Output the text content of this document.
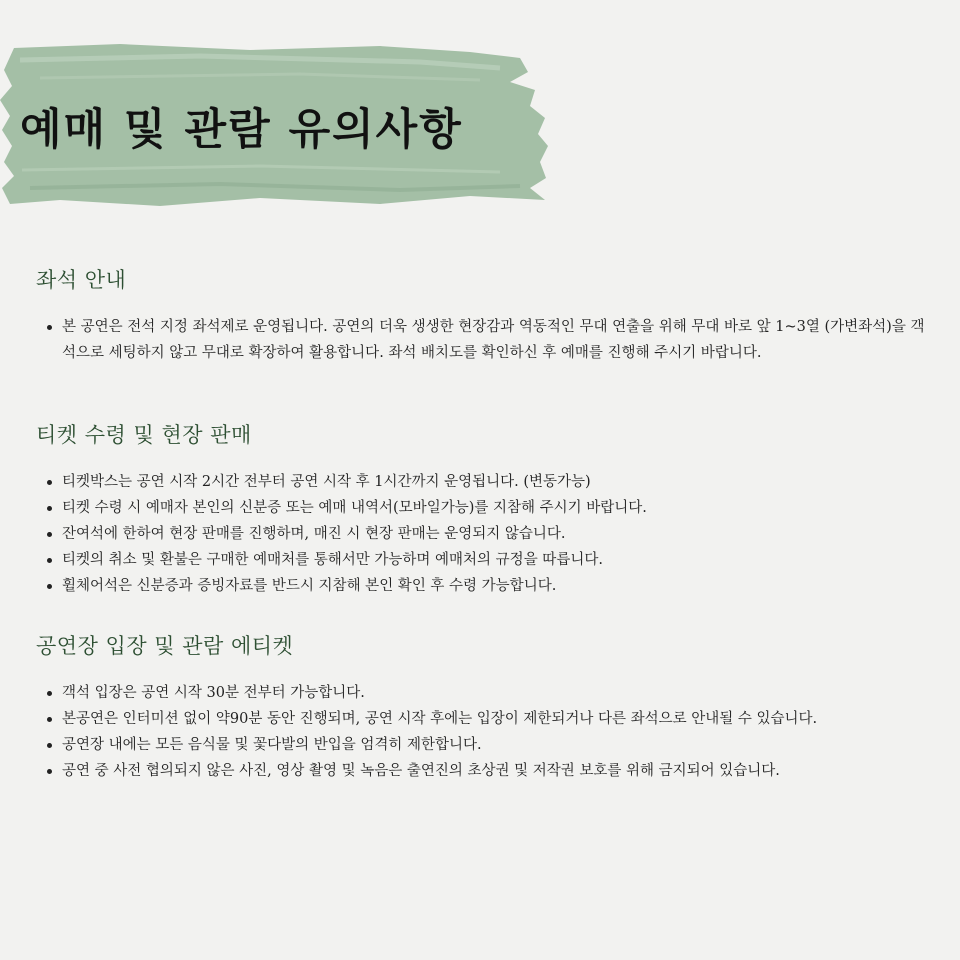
예매 및 관람 유의사항
좌석 안내
본 공연은 전석 지정 좌석제로 운영됩니다. 공연의 더욱 생생한 현장감과 역동적인 무대 연출을 위해 무대 바로 앞 1~3열 (가변좌석)을 객석으로 세팅하지 않고 무대로 확장하여 활용합니다. 좌석 배치도를 확인하신 후 예매를 진행해 주시기 바랍니다.
티켓 수령 및 현장 판매
티켓박스는 공연 시작 2시간 전부터 공연 시작 후 1시간까지 운영됩니다. (변동가능)
티켓 수령 시 예매자 본인의 신분증 또는 예매 내역서(모바일가능)를 지참해 주시기 바랍니다.
잔여석에 한하여 현장 판매를 진행하며, 매진 시 현장 판매는 운영되지 않습니다.
티켓의 취소 및 환불은 구매한 예매처를 통해서만 가능하며 예매처의 규정을 따릅니다.
휠체어석은 신분증과 증빙자료를 반드시 지참해 본인 확인 후 수령 가능합니다.
공연장 입장 및 관람 에티켓
객석 입장은 공연 시작 30분 전부터 가능합니다.
본공연은 인터미션 없이 약90분 동안 진행되며, 공연 시작 후에는 입장이 제한되거나 다른 좌석으로 안내될 수 있습니다.
공연장 내에는 모든 음식물 및 꽃다발의 반입을 엄격히 제한합니다.
공연 중 사전 협의되지 않은 사진, 영상 촬영 및 녹음은 출연진의 초상권 및 저작권 보호를 위해 금지되어 있습니다.
